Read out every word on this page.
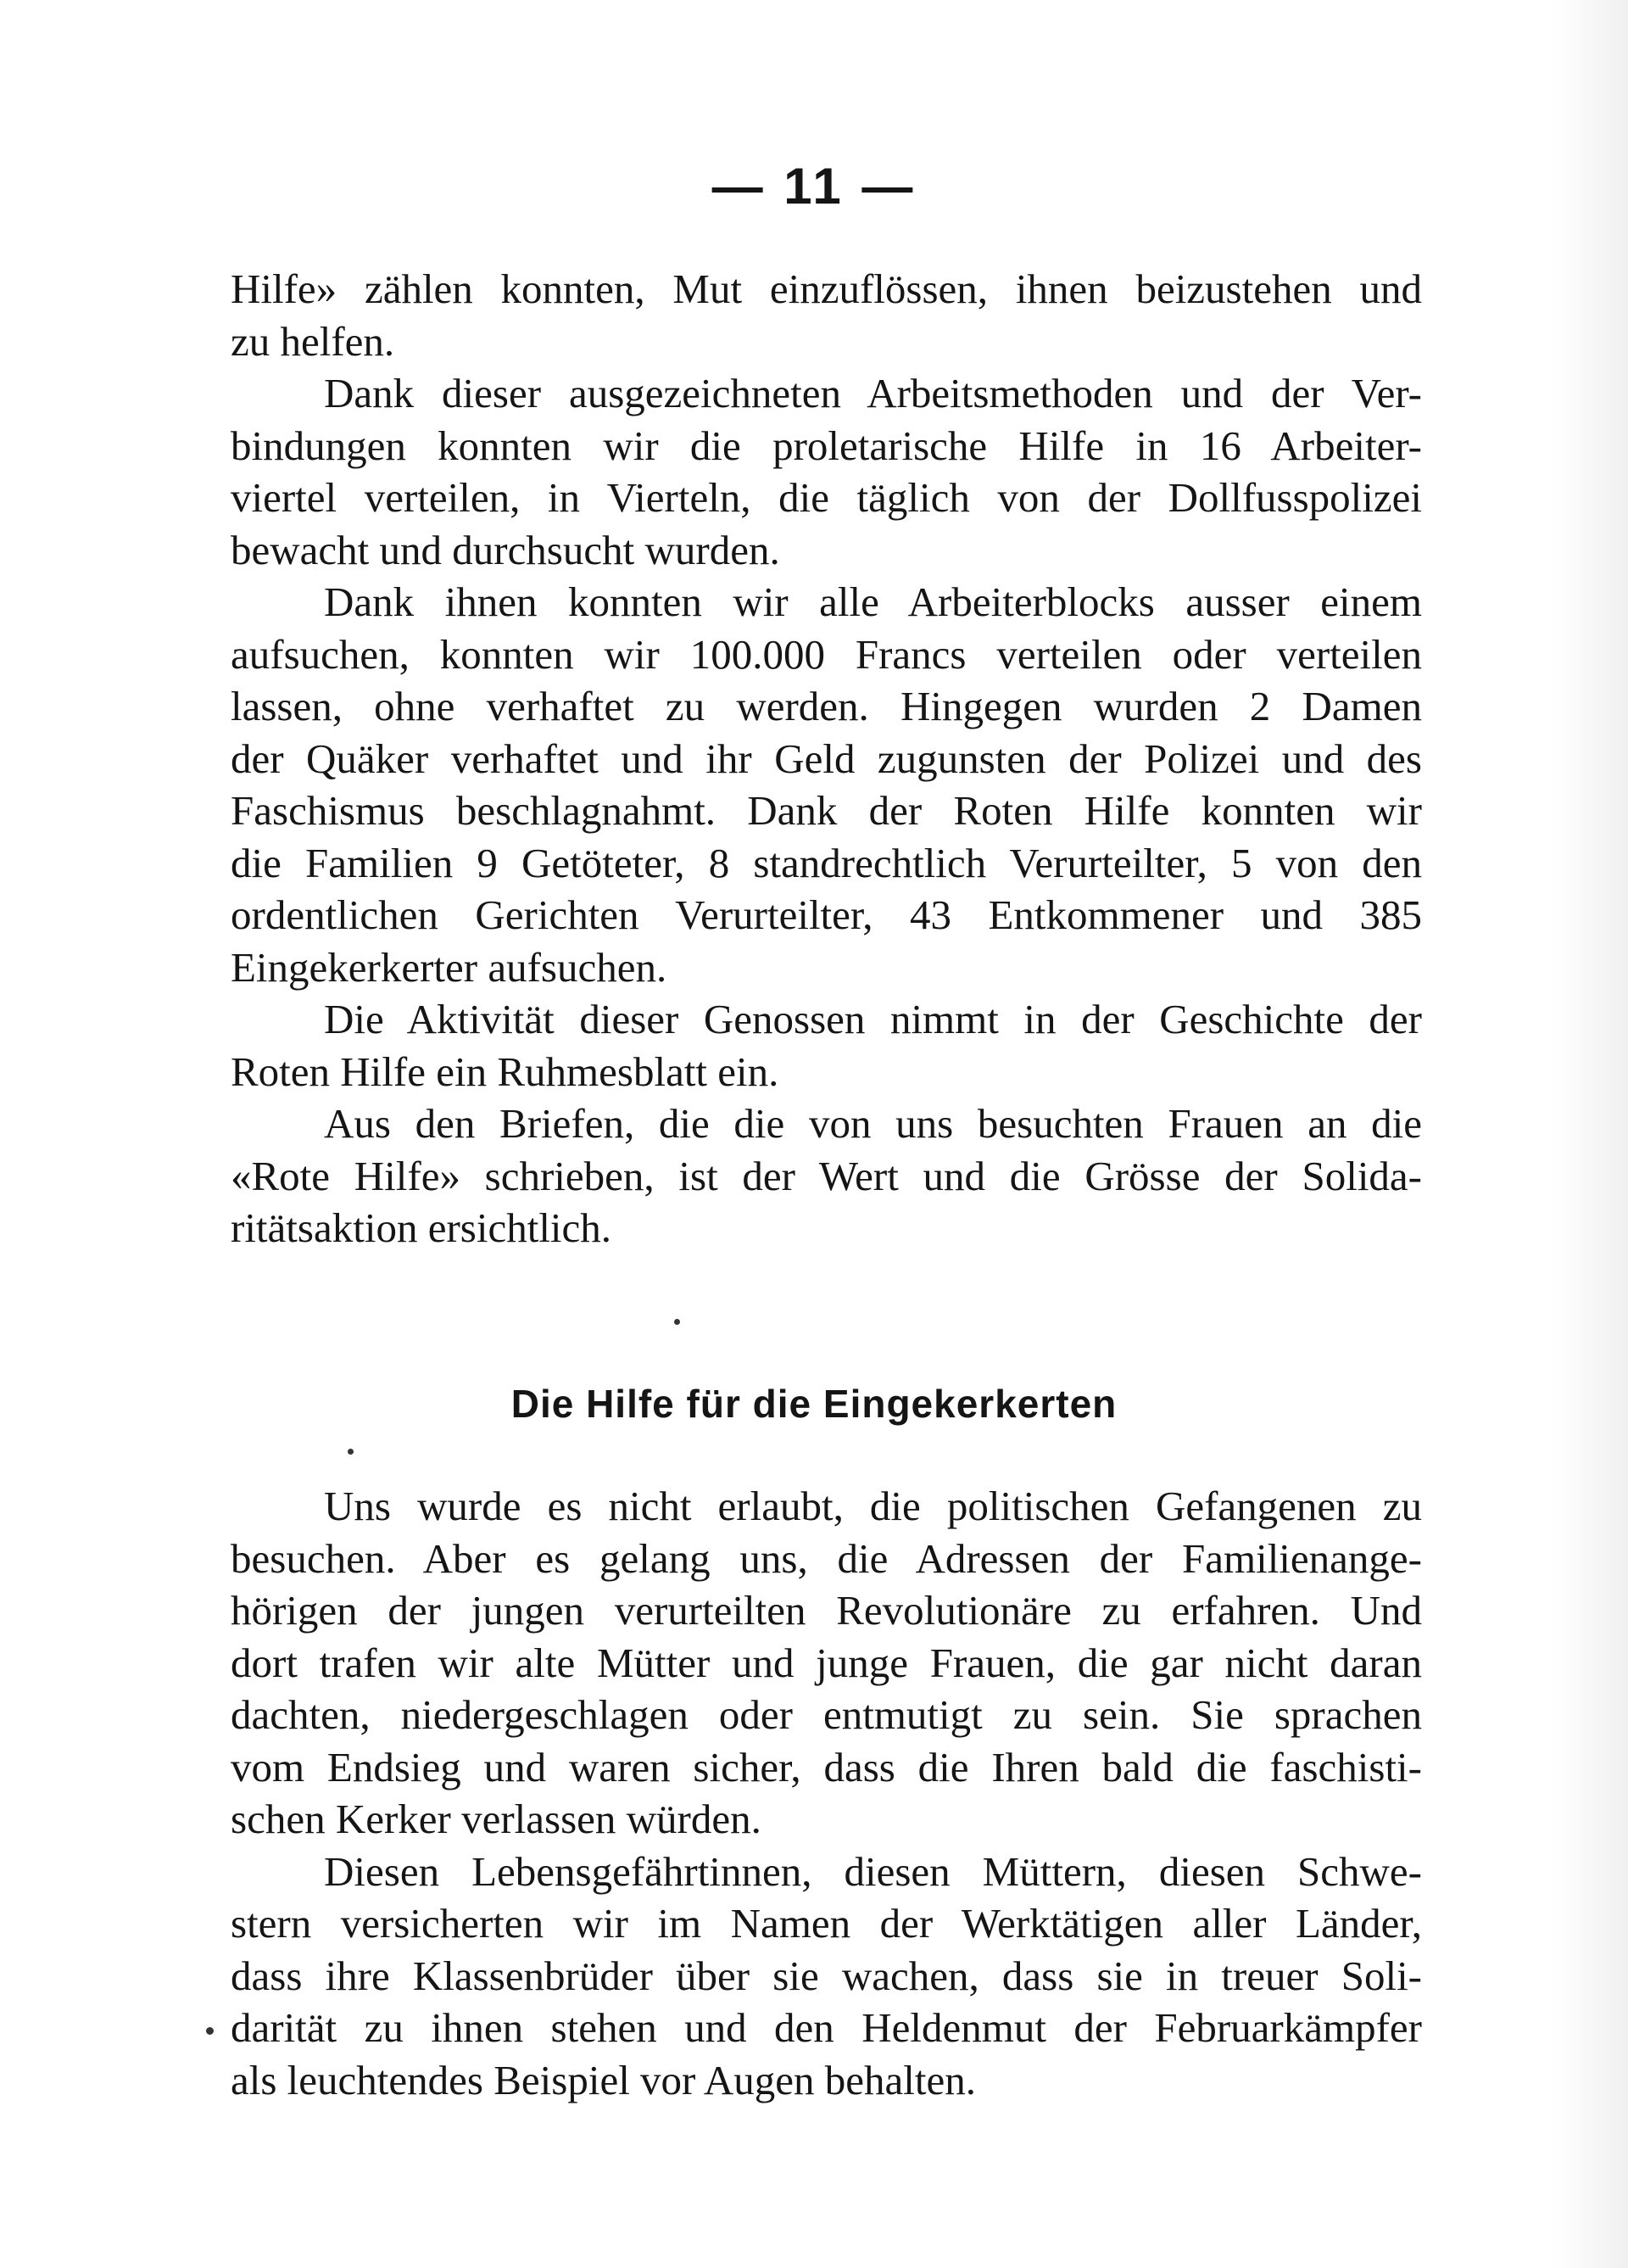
— 11 —
Hilfe» zählen konnten, Mut einzuflössen, ihnen beizustehen und
zu helfen.
Dank dieser ausgezeichneten Arbeitsmethoden und der Ver-
bindungen konnten wir die proletarische Hilfe in 16 Arbeiter-
viertel verteilen, in Vierteln, die täglich von der Dollfusspolizei
bewacht und durchsucht wurden.
Dank ihnen konnten wir alle Arbeiterblocks ausser einem
aufsuchen, konnten wir 100.000 Francs verteilen oder verteilen
lassen, ohne verhaftet zu werden. Hingegen wurden 2 Damen
der Quäker verhaftet und ihr Geld zugunsten der Polizei und des
Faschismus beschlagnahmt. Dank der Roten Hilfe konnten wir
die Familien 9 Getöteter, 8 standrechtlich Verurteilter, 5 von den
ordentlichen Gerichten Verurteilter, 43 Entkommener und 385
Eingekerkerter aufsuchen.
Die Aktivität dieser Genossen nimmt in der Geschichte der
Roten Hilfe ein Ruhmesblatt ein.
Aus den Briefen, die die von uns besuchten Frauen an die
«Rote Hilfe» schrieben, ist der Wert und die Grösse der Solida-
ritätsaktion ersichtlich.
Die Hilfe für die Eingekerkerten
Uns wurde es nicht erlaubt, die politischen Gefangenen zu
besuchen. Aber es gelang uns, die Adressen der Familienange-
hörigen der jungen verurteilten Revolutionäre zu erfahren. Und
dort trafen wir alte Mütter und junge Frauen, die gar nicht daran
dachten, niedergeschlagen oder entmutigt zu sein. Sie sprachen
vom Endsieg und waren sicher, dass die Ihren bald die faschisti-
schen Kerker verlassen würden.
Diesen Lebensgefährtinnen, diesen Müttern, diesen Schwe-
stern versicherten wir im Namen der Werktätigen aller Länder,
dass ihre Klassenbrüder über sie wachen, dass sie in treuer Soli-
darität zu ihnen stehen und den Heldenmut der Februarkämpfer
als leuchtendes Beispiel vor Augen behalten.
